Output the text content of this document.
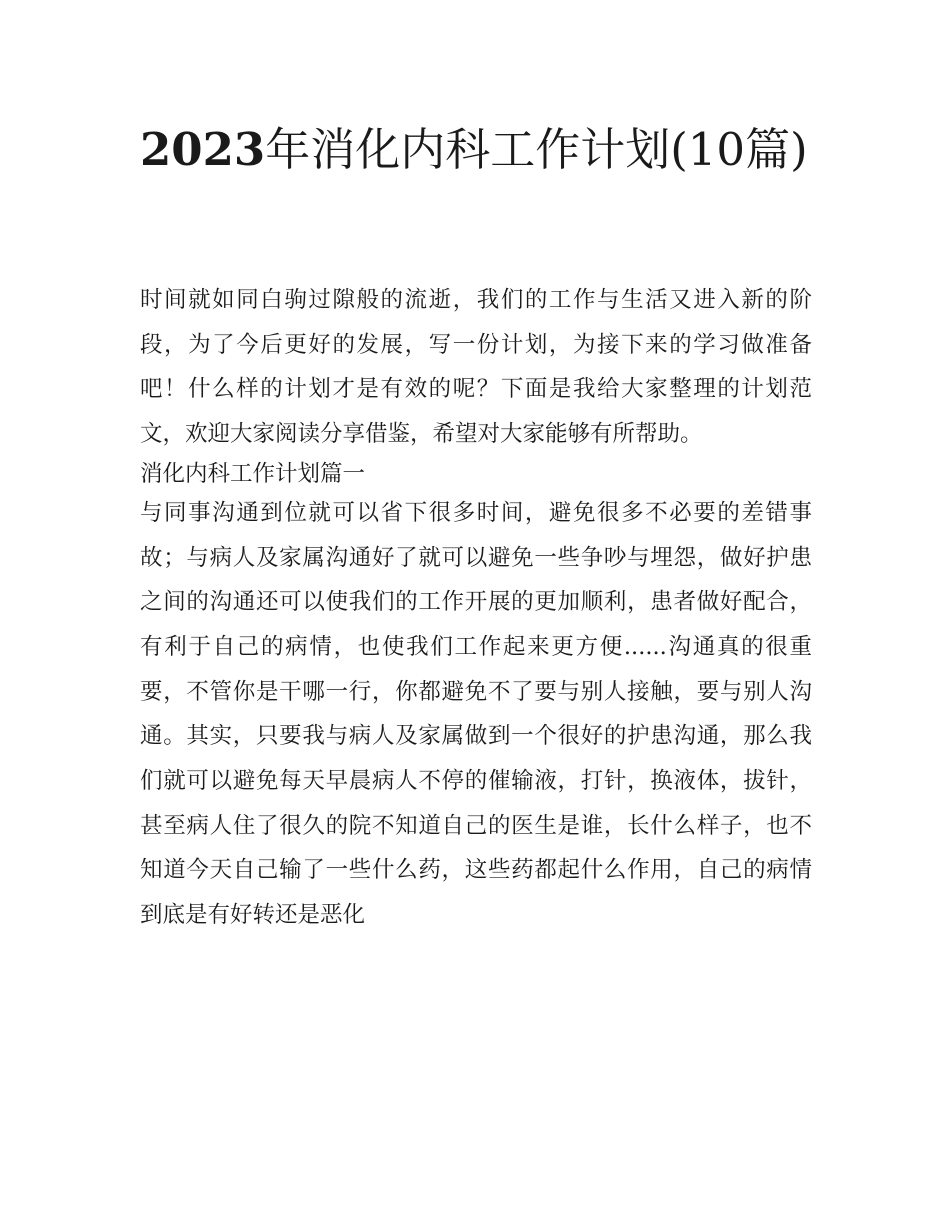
2023年消化内科工作计划(10篇)

时间就如同白驹过隙般的流逝，我们的工作与生活又进入新的阶段，为了今后更好的发展，写一份计划，为接下来的学习做准备吧！什么样的计划才是有效的呢？下面是我给大家整理的计划范文，欢迎大家阅读分享借鉴，希望对大家能够有所帮助。

消化内科工作计划篇一

与同事沟通到位就可以省下很多时间，避免很多不必要的差错事故；与病人及家属沟通好了就可以避免一些争吵与埋怨，做好护患之间的沟通还可以使我们的工作开展的更加顺利，患者做好配合，有利于自己的病情，也使我们工作起来更方便......沟通真的很重要，不管你是干哪一行，你都避免不了要与别人接触，要与别人沟通。其实，只要我与病人及家属做到一个很好的护患沟通，那么我们就可以避免每天早晨病人不停的催输液，打针，换液体，拔针，甚至病人住了很久的院不知道自己的医生是谁，长什么样子，也不知道今天自己输了一些什么药，这些药都起什么作用，自己的病情到底是有好转还是恶化
